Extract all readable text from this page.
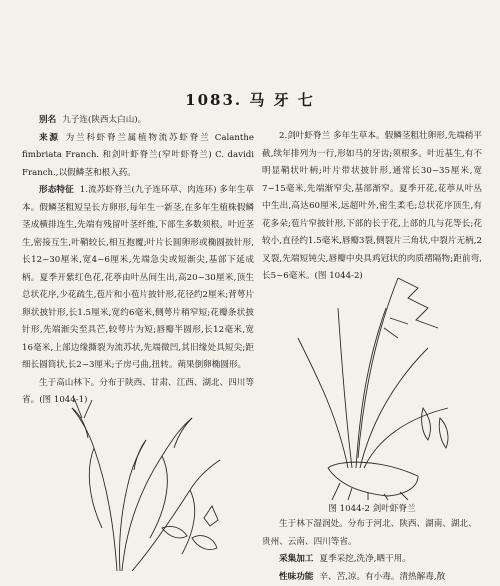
1083. 马 牙 七

别名 九子连(陕西太白山)。

来源 为兰科虾脊兰属植物流苏虾脊兰 Calanthe fimbriata Franch. 和剑叶虾脊兰(窄叶虾脊兰) C. davidi Franch.,以假鳞茎和根入药。

形态特征 1.流苏虾脊兰(九子连环草、肉连环) 多年生草本。假鳞茎粗短呈长方卵形,每年生一新茎,在多年生植株假鳞茎成横排连生,先端有残留叶茎纤维,下部生多数须根。叶近茎生,密接互生,叶鞘较长,相互抱覆;叶片长圆卵形或椭圆披针形,长12~30厘米,宽4~6厘米,先端急尖或短渐尖,基部下延成柄。夏季开紫红色花,花葶由叶丛间生出,高20~30厘米,顶生总状花序,少花疏生,苞片和小苞片披针形,花径约2厘米;背萼片卵状披针形,长1.5厘米,宽约6毫米,侧萼片稍窄短;花瓣条状披针形,先端渐尖至具芒,较萼片为短;唇瓣半圆形,长12毫米,宽16毫米,上部边缘撕裂为流苏状,先端微凹,其旧缘处具短尖;距细长圆筒状,长2~3厘米;子房弓曲,扭转。蒴果倒卵椭圆形。

生于高山林下。分布于陕西、甘肃、江西、湖北、四川等省。(图 1044-1)

2.剑叶虾脊兰 多年生草本。假鳞茎粗壮卵形,先端稍平截,续年排列为一行,形如马的牙齿;须根多。叶近基生,有不明显鞘状叶柄;叶片带状披针形,通常长30~35厘米,宽7~15毫米,先端渐窄尖,基部渐窄。夏季开花,花葶从叶丛中生出,高达60厘米,远超叶外,密生柔毛;总状花序顶生,有花多朵;苞片窄披针形,下部的长于花,上部的几与花等长;花较小,直径约1.5毫米,唇瓣3裂,侧裂片三角状,中裂片无柄,2叉裂,先端短钝尖,唇瓣中央具鸡冠状的肉质褶隔物;距前弯,长5~6毫米。(图 1044-2)

图 1044-2 剑叶虾脊兰

生于林下湿润处。分布于河北、陕西、湖南、湖北、贵州、云南、四川等省。

采集加工 夏季采挖,洗净,晒干用。

性味功能 辛、苦,凉。有小毒。清热解毒,散
